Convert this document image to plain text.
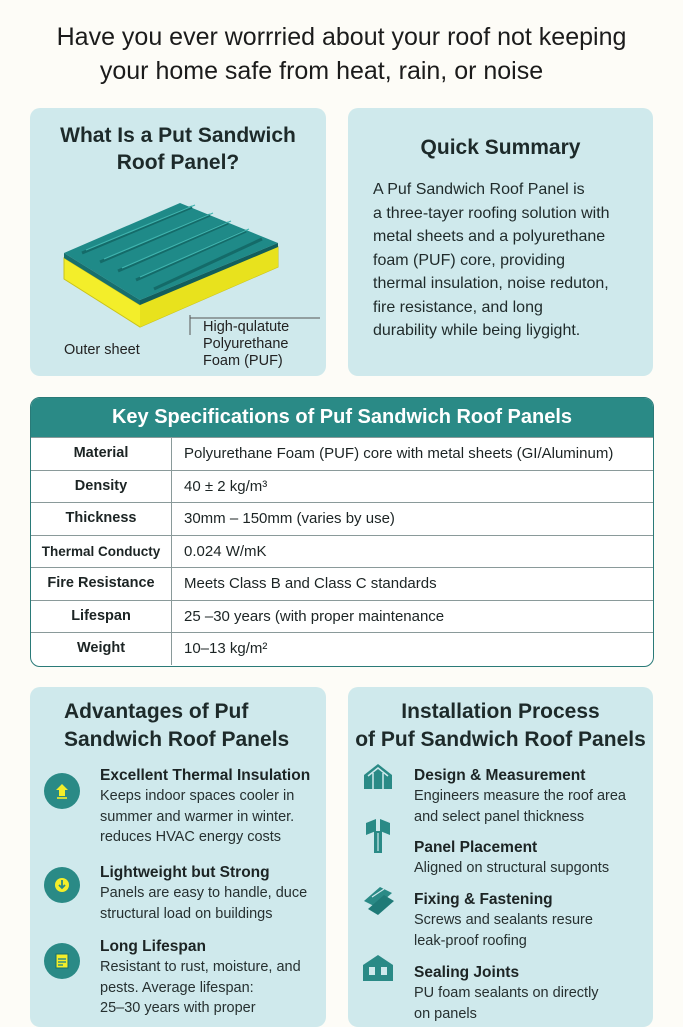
Have you ever worrried about your roof not keeping

your home safe from heat, rain, or noise
What Is a Put Sandwich
Roof Panel?
Outer sheet
High-qulatute
Polyurethane
Foam (PUF)
Quick Summary
A Puf Sandwich Roof Panel is
a three-tayer roofing solution with
metal sheets and a polyurethane
foam (PUF) core, providing
thermal insulation, noise reduton,
fire resistance, and long
durability while being liygight.
Key Specifications of Puf Sandwich Roof Panels
Material	Polyurethane Foam (PUF) core with metal sheets (GI/Aluminum)
Density	40 ± 2 kg/m³
Thickness	30mm – 150mm (varies by use)
Thermal Conducty	0.024 W/mK
Fire Resistance	Meets Class B and Class C standards
Lifespan	25 –30 years (with proper maintenance
Weight	10–13 kg/m²
Advantages of Puf
Sandwich Roof Panels
Excellent Thermal Insulation
Keeps indoor spaces cooler in
summer and warmer in winter.
reduces HVAC energy costs
Lightweight but Strong
Panels are easy to handle, duce
structural load on buildings
Long Lifespan
Resistant to rust, moisture, and
pests. Average lifespan:
25–30 years with proper
Installation Process
of Puf Sandwich Roof Panels
Design & Measurement
Engineers measure the roof area
and select panel thickness
Panel Placement
Aligned on structural supgonts
Fixing & Fastening
Screws and sealants resure
leak-proof roofing
Sealing Joints
PU foam sealants on directly
on panels
